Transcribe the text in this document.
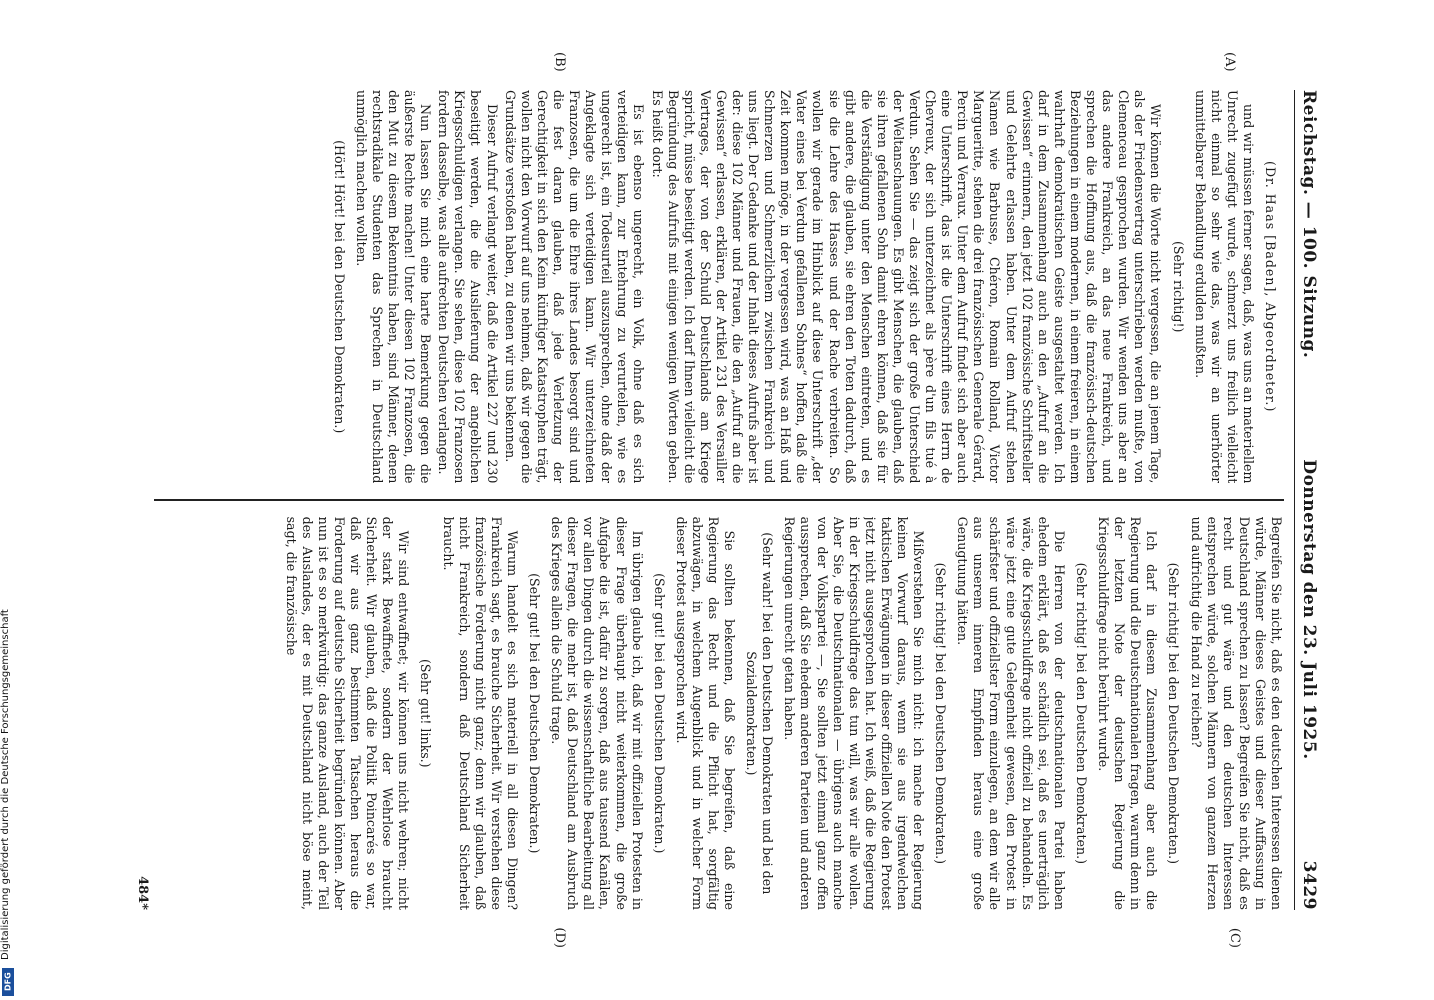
Digitalisierung gefördert durch die Deutsche Forschungsgemeinschaft
DFG
Reichstag. — 100. Sitzung.
Donnerstag den 23. Juli 1925.
3429
(A)
(B)
(C)
(D)

(Dr. Haas [Baden], Abgeordneter.)

und wir müssen ferner sagen, daß, was uns an materiellem Unrecht zugefügt wurde, schmerzt uns freilich vielleicht nicht einmal so sehr wie das, was wir an unerhörter unmittelbarer Behandlung erdulden mußten.

(Sehr richtig!)

Wir können die Worte nicht vergessen, die an jenem Tage, als der Friedensvertrag unterschrieben werden mußte, von Clemenceau gesprochen wurden. Wir wenden uns aber an das andere Frankreich, an das neue Frankreich, und sprechen die Hoffnung aus, daß die französisch-deutschen Beziehungen in einem modernen, in einem freieren, in einem wahrhaft demokratischen Geiste ausgestaltet werden. Ich darf in dem Zusammenhang auch an den „Aufruf an die Gewissen“ erinnern, den jetzt 102 französische Schriftsteller und Gelehrte erlassen haben. Unter dem Aufruf stehen Namen wie Barbusse, Chéron, Romain Rolland, Victor Margueritte, stehen die drei französischen Generale Gérard, Percin und Verraux. Unter dem Aufruf findet sich aber auch eine Unterschrift, das ist die Unterschrift eines Herrn de Chevreux, der sich unterzeichnet als père d'un fils tué à Verdun. Sehen Sie — das zeigt sich der große Unterschied der Weltanschauungen. Es gibt Menschen, die glauben, daß sie ihren gefallenen Sohn damit ehren können, daß sie für die Verständigung unter den Menschen eintreten, und es gibt andere, die glauben, sie ehren den Toten dadurch, daß sie die Lehre des Hasses und der Rache verbreiten. So wollen wir gerade im Hinblick auf diese Unterschrift „der Vater eines bei Verdun gefallenen Sohnes“ hoffen, daß die Zeit kommen möge, in der vergessen wird, was an Haß und Schmerzen und Schmerzlichem zwischen Frankreich und uns liegt. Der Gedanke und der Inhalt dieses Aufrufs aber ist der: diese 102 Männer und Frauen, die den „Aufruf an die Gewissen“ erlassen, erklären, der Artikel 231 des Versailler Vertrages, der von der Schuld Deutschlands am Kriege spricht, müsse beseitigt werden. Ich darf Ihnen vielleicht die Begründung des Aufrufs mit einigen wenigen Worten geben. Es heißt dort:

Es ist ebenso ungerecht, ein Volk, ohne daß es sich verteidigen kann, zur Entehrung zu verurteilen, wie es ungerecht ist, ein Todesurteil auszusprechen, ohne daß der Angeklagte sich verteidigen kann. Wir unterzeichneten Franzosen, die um die Ehre ihres Landes besorgt sind und die fest daran glauben, daß jede Verletzung der Gerechtigkeit in sich den Keim künftiger Katastrophen trägt, wollen nicht den Vorwurf auf uns nehmen, daß wir gegen die Grundsätze verstoßen haben, zu denen wir uns bekennen.

Dieser Aufruf verlangt weiter, daß die Artikel 227 und 230 beseitigt werden, die die Auslieferung der angeblichen Kriegsschuldigen verlangen. Sie sehen, diese 102 Franzosen fordern dasselbe, was alle aufrechten Deutschen verlangen.

Nun lassen Sie mich eine harte Bemerkung gegen die äußerste Rechte machen! Unter diesen 102 Franzosen, die den Mut zu diesem Bekenntnis haben, sind Männer, denen rechtsradikale Studenten das Sprechen in Deutschland unmöglich machen wollten.

(Hört! Hört! bei den Deutschen Demokraten.)

Begreifen Sie nicht, daß es den deutschen Interessen dienen würde, Männer dieses Geistes und dieser Auffassung in Deutschland sprechen zu lassen? Begreifen Sie nicht, daß es recht und gut wäre und den deutschen Interessen entsprechen würde, solchen Männern von ganzem Herzen und aufrichtig die Hand zu reichen?

(Sehr richtig! bei den Deutschen Demokraten.)

Ich darf in diesem Zusammenhang aber auch die Regierung und die Deutschnationalen fragen, warum denn in der letzten Note der deutschen Regierung die Kriegsschuldfrage nicht berührt wurde.

(Sehr richtig! bei den Deutschen Demokraten.)

Die Herren von der deutschnationalen Partei haben ehedem erklärt, daß es schädlich sei, daß es unerträglich wäre, die Kriegsschuldfrage nicht offiziell zu behandeln. Es wäre jetzt eine gute Gelegenheit gewesen, den Protest in schärfster und offiziellster Form einzulegen, an dem wir alle aus unserem inneren Empfinden heraus eine große Genugtuung hätten.

(Sehr richtig! bei den Deutschen Demokraten.)

Mißverstehen Sie mich nicht: ich mache der Regierung keinen Vorwurf daraus, wenn sie aus irgendwelchen taktischen Erwägungen in dieser offiziellen Note den Protest jetzt nicht ausgesprochen hat. Ich weiß, daß die Regierung in der Kriegsschuldfrage das tun will, was wir alle wollen. Aber Sie, die Deutschnationalen — übrigens auch manche von der Volkspartei —, Sie sollten jetzt einmal ganz offen aussprechen, daß Sie ehedem anderen Parteien und anderen Regierungen unrecht getan haben.

(Sehr wahr! bei den Deutschen Demokraten und bei den Sozialdemokraten.)

Sie sollten bekennen, daß Sie begreifen, daß eine Regierung das Recht und die Pflicht hat, sorgfältig abzuwägen, in welchem Augenblick und in welcher Form dieser Protest ausgesprochen wird.

(Sehr gut! bei den Deutschen Demokraten.)

Im übrigen glaube ich, daß wir mit offiziellen Protesten in dieser Frage überhaupt nicht weiterkommen, die große Aufgabe die ist, dafür zu sorgen, daß aus tausend Kanälen, vor allen Dingen durch die wissenschaftliche Bearbeitung all dieser Fragen, die mehr ist, daß Deutschland am Ausbruch des Krieges allein die Schuld trage.

(Sehr gut! bei den Deutschen Demokraten.)

Warum handelt es sich materiell in all diesen Dingen? Frankreich sagt, es brauche Sicherheit. Wir verstehen diese französische Forderung nicht ganz; denn wir glauben, daß nicht Frankreich, sondern daß Deutschland Sicherheit braucht.

(Sehr gut! links.)

Wir sind entwaffnet; wir können uns nicht wehren; nicht der stark Bewaffnete, sondern der Wehrlose braucht Sicherheit. Wir glauben, daß die Politik Poincarés so war, daß wir aus ganz bestimmten Tatsachen heraus die Forderung auf deutsche Sicherheit begründen können. Aber nun ist es so merkwürdig: das ganze Ausland, auch der Teil des Auslandes, der es mit Deutschland nicht böse meint, sagt, die französische

484*
